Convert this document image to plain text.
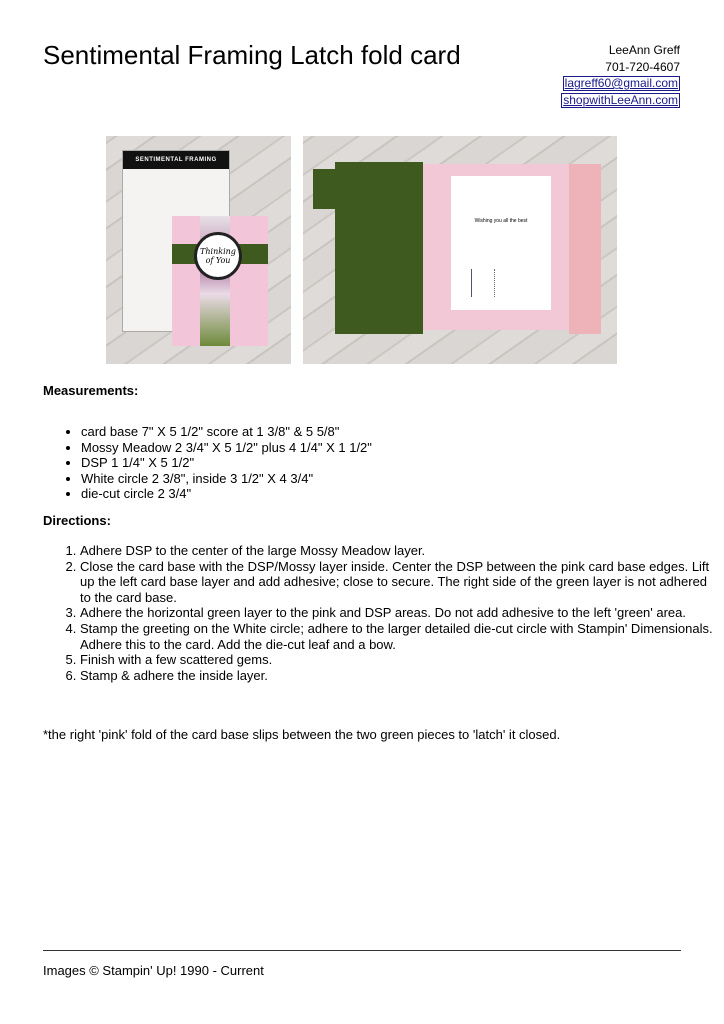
Sentimental Framing Latch fold card	LeeAnn Greff
701-720-4607
lagreff60@gmail.com
shopwithLeeAnn.com
SENTIMENTAL FRAMING
Thinking of You
Wishing you all the best
Measurements:
• card base 7" X 5 1/2" score at 1 3/8" & 5 5/8"
• Mossy Meadow 2 3/4" X 5 1/2" plus 4 1/4" X 1 1/2"
• DSP 1 1/4" X 5 1/2"
• White circle 2 3/8", inside 3 1/2" X 4 3/4"
• die-cut circle 2 3/4"
Directions:
1. Adhere DSP to the center of the large Mossy Meadow layer.
2. Close the card base with the DSP/Mossy layer inside. Center the DSP between the pink card base edges. Lift up the left card base layer and add adhesive; close to secure. The right side of the green layer is not adhered to the card base.
3. Adhere the horizontal green layer to the pink and DSP areas. Do not add adhesive to the left 'green' area.
4. Stamp the greeting on the White circle; adhere to the larger detailed die-cut circle with Stampin' Dimensionals. Adhere this to the card. Add the die-cut leaf and a bow.
5. Finish with a few scattered gems.
6. Stamp & adhere the inside layer.
*the right 'pink' fold of the card base slips between the two green pieces to 'latch' it closed.
Images © Stampin' Up! 1990 - Current
